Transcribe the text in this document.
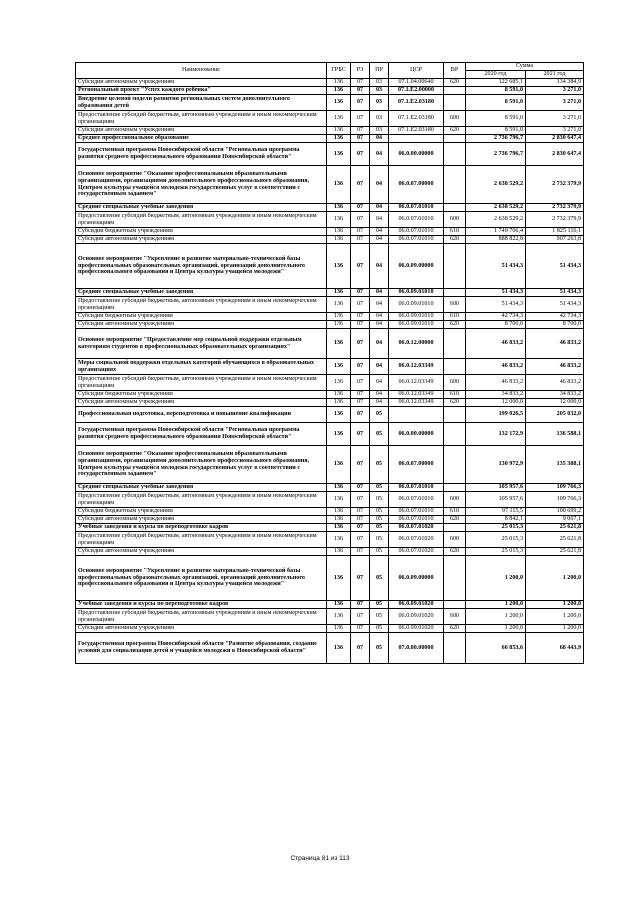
Наименование	ГРБС	РЗ	ПР	ЦСР	ВР	Сумма	
						2020 год	2021 год
Субсидии автономным учреждениям	136	07	03	07.1.04.00640	620	122 685,1	134 384,9
Региональный проект "Успех каждого ребенка"	136	07	03	07.1.E2.00000		8 591,0	3 271,0
Внедрение целевой модели развития региональных систем дополнительного образования детей	136	07	03	07.1.E2.03180		8 591,0	3 271,0
Предоставление субсидий бюджетным, автономным учреждениям и иным некоммерческим организациям	136	07	03	07.1.E2.03180	600	8 591,0	3 271,0
Субсидии автономным учреждениям	136	07	03	07.1.E2.03180	620	8 591,0	3 271,0
Среднее профессиональное образование	136	07	04			2 736 796,7	2 830 647,4
Государственная программа Новосибирской области "Региональная программа развития среднего профессионального образования Новосибирской области"	136	07	04	06.0.00.00000		2 736 796,7	2 830 647,4
Основное мероприятие "Оказание профессиональными образовательными организациями, организациями дополнительного профессионального образования, Центром культуры учащейся молодежи государственных услуг в соответствии с государственным заданием"	136	07	04	06.0.07.00000		2 638 529,2	2 732 379,9
Средние специальные учебные заведения	136	07	04	06.0.07.01010		2 638 529,2	2 732 379,9
Предоставление субсидий бюджетным, автономным учреждениям и иным некоммерческим организациям	136	07	04	06.0.07.01010	600	2 638 529,2	2 732 379,9
Субсидии бюджетным учреждениям	136	07	04	06.0.07.01010	610	1 749 706,4	1 825 116,1
Субсидии автономным учреждениям	136	07	04	06.0.07.01010	620	888 822,8	907 263,8
Основное мероприятие "Укрепление и развитие материально-технической базы профессиональных образовательных организаций, организаций дополнительного профессионального образования и Центра культуры учащейся молодежи"	136	07	04	06.0.09.00000		51 434,3	51 434,3
Средние специальные учебные заведения	136	07	04	06.0.09.01010		51 434,3	51 434,3
Предоставление субсидий бюджетным, автономным учреждениям и иным некоммерческим организациям	136	07	04	06.0.09.01010	600	51 434,3	51 434,3
Субсидии бюджетным учреждениям	136	07	04	06.0.09.01010	610	42 734,3	42 734,3
Субсидии автономным учреждениям	136	07	04	06.0.09.01010	620	8 700,0	8 700,0
Основное мероприятие "Предоставление мер социальной поддержки отдельным категориям студентов в профессиональных образовательных организациях"	136	07	04	06.0.12.00000		46 833,2	46 833,2
Меры социальной поддержки отдельных категорий обучающихся в образовательных организациях	136	07	04	06.0.12.03349		46 833,2	46 833,2
Предоставление субсидий бюджетным, автономным учреждениям и иным некоммерческим организациям	136	07	04	06.0.12.03349	600	46 833,2	46 833,2
Субсидии бюджетным учреждениям	136	07	04	06.0.12.03349	610	34 833,2	34 833,2
Субсидии автономным учреждениям	136	07	04	06.0.12.03349	620	12 000,0	12 000,0
Профессиональная подготовка, переподготовка и повышение квалификации	136	07	05			199 026,5	205 032,0
Государственная программа Новосибирской области "Региональная программа развития среднего профессионального образования Новосибирской области"	136	07	05	06.0.00.00000		132 172,9	136 588,1
Основное мероприятие "Оказание профессиональными образовательными организациями, организациями дополнительного профессионального образования, Центром культуры учащейся молодежи государственных услуг в соответствии с государственным заданием"	136	07	05	06.0.07.00000		130 972,9	135 388,1
Средние специальные учебные заведения	136	07	05	06.0.07.01010		105 957,6	109 766,3
Предоставление субсидий бюджетным, автономным учреждениям и иным некоммерческим организациям	136	07	05	06.0.07.01010	600	105 957,6	109 766,3
Субсидии бюджетным учреждениям	136	07	05	06.0.07.01010	610	97 115,5	100 699,2
Субсидии автономным учреждениям	136	07	05	06.0.07.01010	620	8 842,1	9 067,1
Учебные заведения и курсы по переподготовке кадров	136	07	05	06.0.07.01020		25 015,3	25 621,8
Предоставление субсидий бюджетным, автономным учреждениям и иным некоммерческим организациям	136	07	05	06.0.07.01020	600	25 015,3	25 621,8
Субсидии автономным учреждениям	136	07	05	06.0.07.01020	620	25 015,3	25 621,8
Основное мероприятие "Укрепление и развитие материально-технической базы профессиональных образовательных организаций, организаций дополнительного профессионального образования и Центра культуры учащейся молодежи"	136	07	05	06.0.09.00000		1 200,0	1 200,0
Учебные заведения и курсы по переподготовке кадров	136	07	05	06.0.09.01020		1 200,0	1 200,0
Предоставление субсидий бюджетным, автономным учреждениям и иным некоммерческим организациям	136	07	05	06.0.09.01020	600	1 200,0	1 200,0
Субсидии автономным учреждениям	136	07	05	06.0.09.01020	620	1 200,0	1 200,0
Государственная программа Новосибирской области "Развитие образования, создание условий для социализации детей и учащейся молодежи в Новосибирской области"	136	07	05	07.0.00.00000		66 853,6	68 443,9
Страница 81 из 113
